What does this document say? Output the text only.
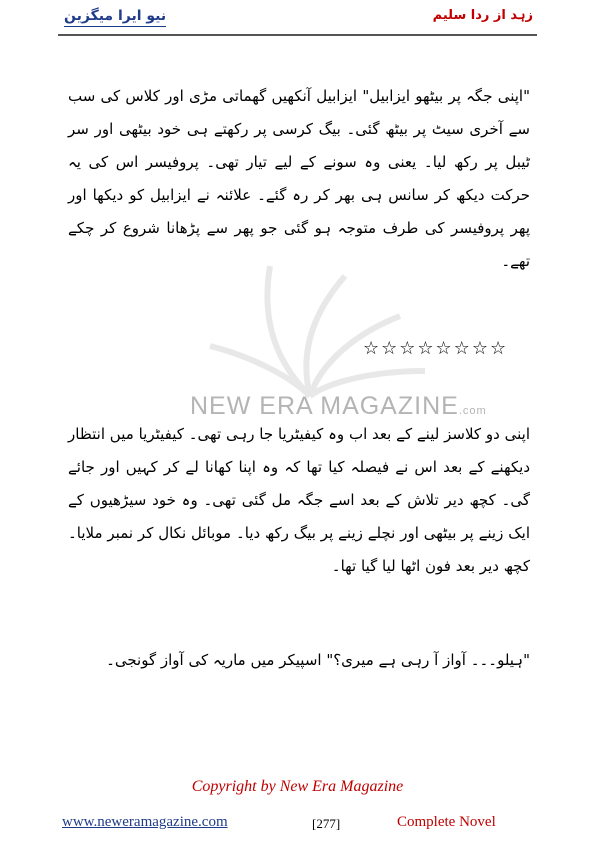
نیو ایرا میگزین	زہد از ردا سلیم
NEW ERA MAGAZINE.com
"اپنی جگہ پر بیٹھو ایزابیل" ایزابیل آنکھیں گھماتی مڑی اور کلاس کی سب سے آخری سیٹ پر بیٹھ گئی۔ بیگ کرسی پر رکھتے ہی خود بیٹھی اور سر ٹیبل پر رکھ لیا۔ یعنی وہ سونے کے لیے تیار تھی۔ پروفیسر اس کی یہ حرکت دیکھ کر سانس ہی بھر کر رہ گئے۔ علائنہ نے ایزابیل کو دیکھا اور پھر پروفیسر کی طرف متوجہ ہو گئی جو پھر سے پڑھانا شروع کر چکے تھے۔
☆☆☆☆☆☆☆☆
اپنی دو کلاسز لینے کے بعد اب وہ کیفیٹریا جا رہی تھی۔ کیفیٹریا میں انتظار دیکھنے کے بعد اس نے فیصلہ کیا تھا کہ وہ اپنا کھانا لے کر کہیں اور جائے گی۔ کچھ دیر تلاش کے بعد اسے جگہ مل گئی تھی۔ وہ خود سیڑھیوں کے ایک زینے پر بیٹھی اور نچلے زینے پر بیگ رکھ دیا۔ موبائل نکال کر نمبر ملایا۔ کچھ دیر بعد فون اٹھا لیا گیا تھا۔
"ہیلو۔۔۔ آواز آ رہی ہے میری؟" اسپیکر میں ماریہ کی آواز گونجی۔
Copyright by New Era Magazine
www.neweramagazine.com	[277]	Complete Novel
